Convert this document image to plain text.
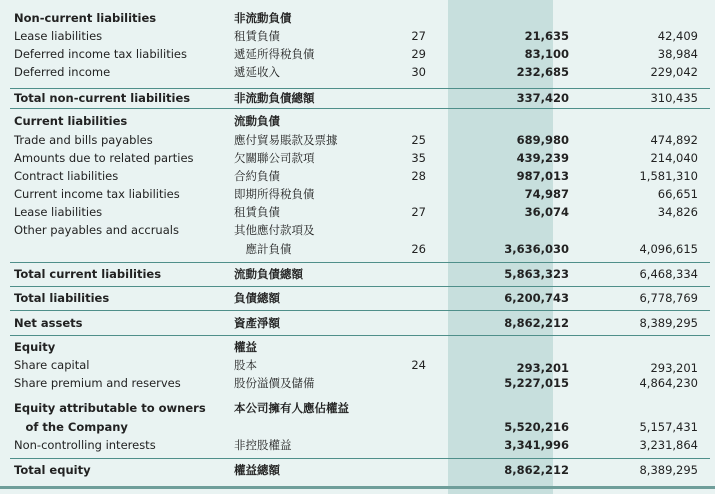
Non-current liabilities	非流動負債
Lease liabilities	租賃負債	27	21,635	42,409
Deferred income tax liabilities	遞延所得稅負債	29	83,100	38,984
Deferred income	遞延收入	30	232,685	229,042
Total non-current liabilities	非流動負債總額	337,420	310,435
Current liabilities	流動負債
Trade and bills payables	應付貿易賬款及票據	25	689,980	474,892
Amounts due to related parties	欠關聯公司款項	35	439,239	214,040
Contract liabilities	合約負債	28	987,013	1,581,310
Current income tax liabilities	即期所得稅負債	74,987	66,651
Lease liabilities	租賃負債	27	36,074	34,826
Other payables and accruals	其他應付款項及
　應計負債	26	3,636,030	4,096,615
Total current liabilities	流動負債總額	5,863,323	6,468,334
Total liabilities	負債總額	6,200,743	6,778,769
Net assets	資產淨額	8,862,212	8,389,295
Equity	權益
Share capital	股本	24	293,201	293,201
Share premium and reserves	股份溢價及儲備	5,227,015	4,864,230
Equity attributable to owners 本公司擁有人應佔權益
　of the Company	5,520,216	5,157,431
Non-controlling interests	非控股權益	3,341,996	3,231,864
Total equity	權益總額	8,862,212	8,389,295
